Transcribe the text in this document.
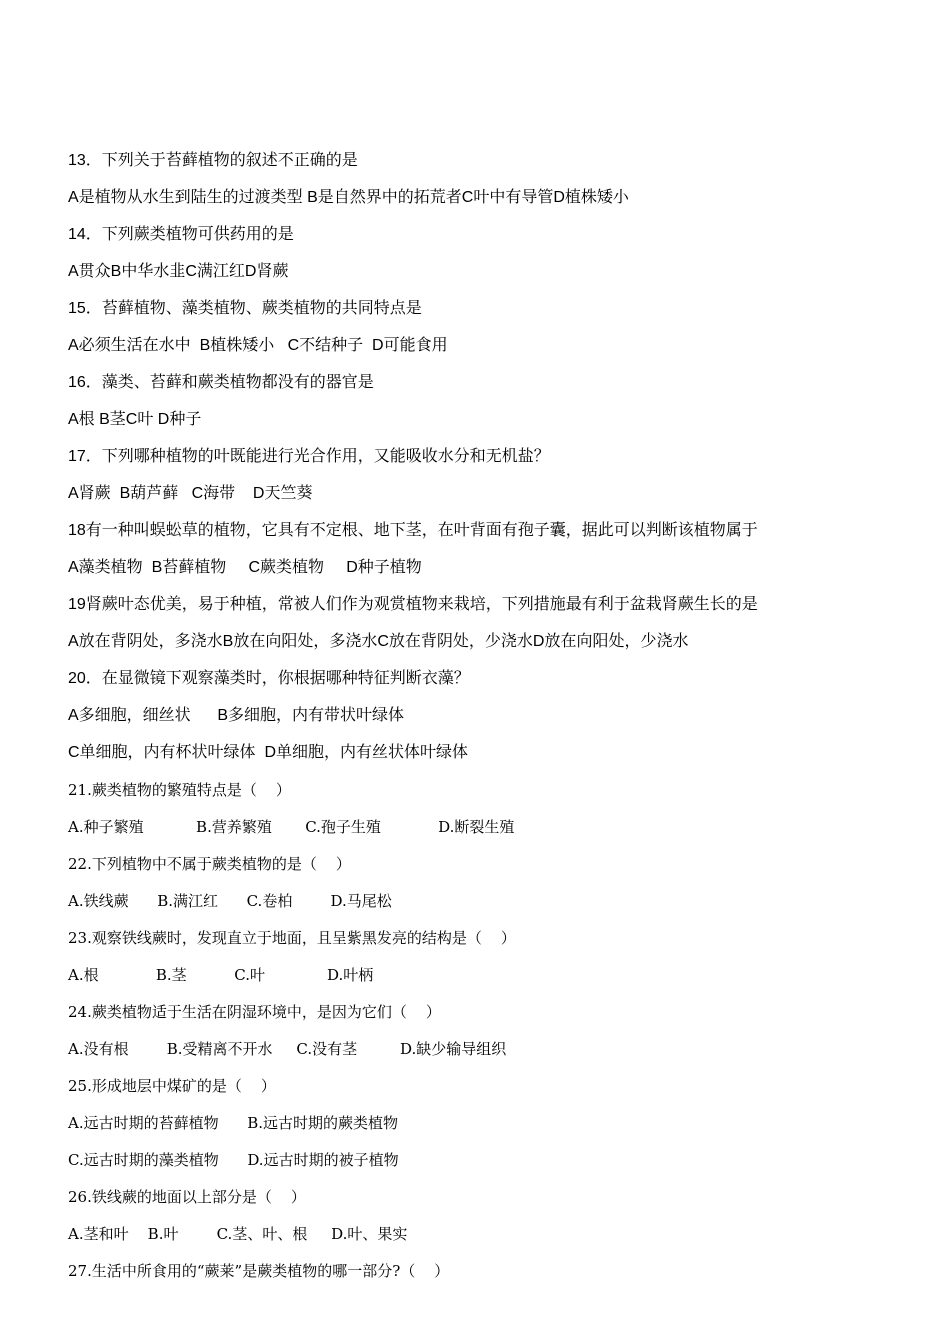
13．下列关于苔藓植物的叙述不正确的是
A是植物从水生到陆生的过渡类型 B是自然界中的拓荒者C叶中有导管D植株矮小
14．下列蕨类植物可供药用的是
A贯众B中华水韭C满江红D肾蕨
15．苔藓植物、藻类植物、蕨类植物的共同特点是
A必须生活在水中  B植株矮小   C不结种子  D可能食用
16．藻类、苔藓和蕨类植物都没有的器官是
A根 B茎C叶 D种子
17．下列哪种植物的叶既能进行光合作用，又能吸收水分和无机盐？
A肾蕨  B葫芦藓   C海带    D天竺葵
18有一种叫蜈蚣草的植物，它具有不定根、地下茎，在叶背面有孢子囊，据此可以判断该植物属于
A藻类植物  B苔藓植物     C蕨类植物     D种子植物
19肾蕨叶态优美，易于种植，常被人们作为观赏植物来栽培，下列措施最有利于盆栽肾蕨生长的是
A放在背阴处，多浇水B放在向阳处，多浇水C放在背阴处，少浇水D放在向阳处，少浇水
20．在显微镜下观察藻类时，你根据哪种特征判断衣藻？
A多细胞，细丝状      B多细胞，内有带状叶绿体
C单细胞，内有杯状叶绿体  D单细胞，内有丝状体叶绿体
21.蕨类植物的繁殖特点是（    ）
A.种子繁殖           B.营养繁殖       C.孢子生殖            D.断裂生殖
22.下列植物中不属于蕨类植物的是（    ）
A.铁线蕨      B.满江红      C.卷柏        D.马尾松
23.观察铁线蕨时，发现直立于地面，且呈紫黑发亮的结构是（    ）
A.根            B.茎          C.叶             D.叶柄
24.蕨类植物适于生活在阴湿环境中，是因为它们（    ）
A.没有根        B.受精离不开水     C.没有茎         D.缺少输导组织
25.形成地层中煤矿的是（    ）
A.远古时期的苔藓植物      B.远古时期的蕨类植物
C.远古时期的藻类植物      D.远古时期的被子植物
26.铁线蕨的地面以上部分是（    ）
A.茎和叶    B.叶        C.茎、叶、根     D.叶、果实
27.生活中所食用的“蕨莱”是蕨类植物的哪一部分?（    ）
